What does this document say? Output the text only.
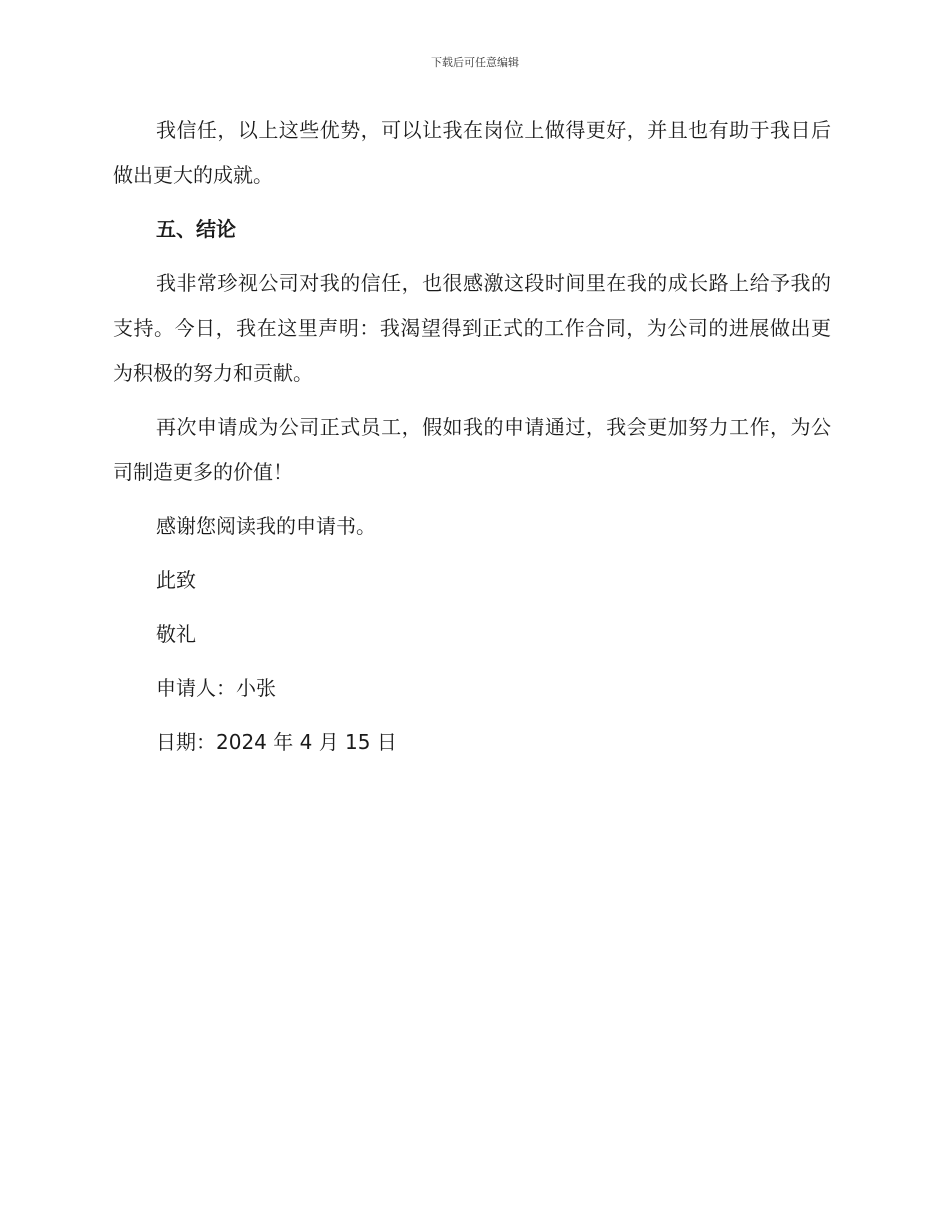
下载后可任意编辑

我信任，以上这些优势，可以让我在岗位上做得更好，并且也有助于我日后做出更大的成就。

五、结论

我非常珍视公司对我的信任，也很感激这段时间里在我的成长路上给予我的支持。今日，我在这里声明：我渴望得到正式的工作合同，为公司的进展做出更为积极的努力和贡献。

再次申请成为公司正式员工，假如我的申请通过，我会更加努力工作，为公司制造更多的价值！

感谢您阅读我的申请书。

此致

敬礼

申请人：小张

日期：2024 年 4 月 15 日
